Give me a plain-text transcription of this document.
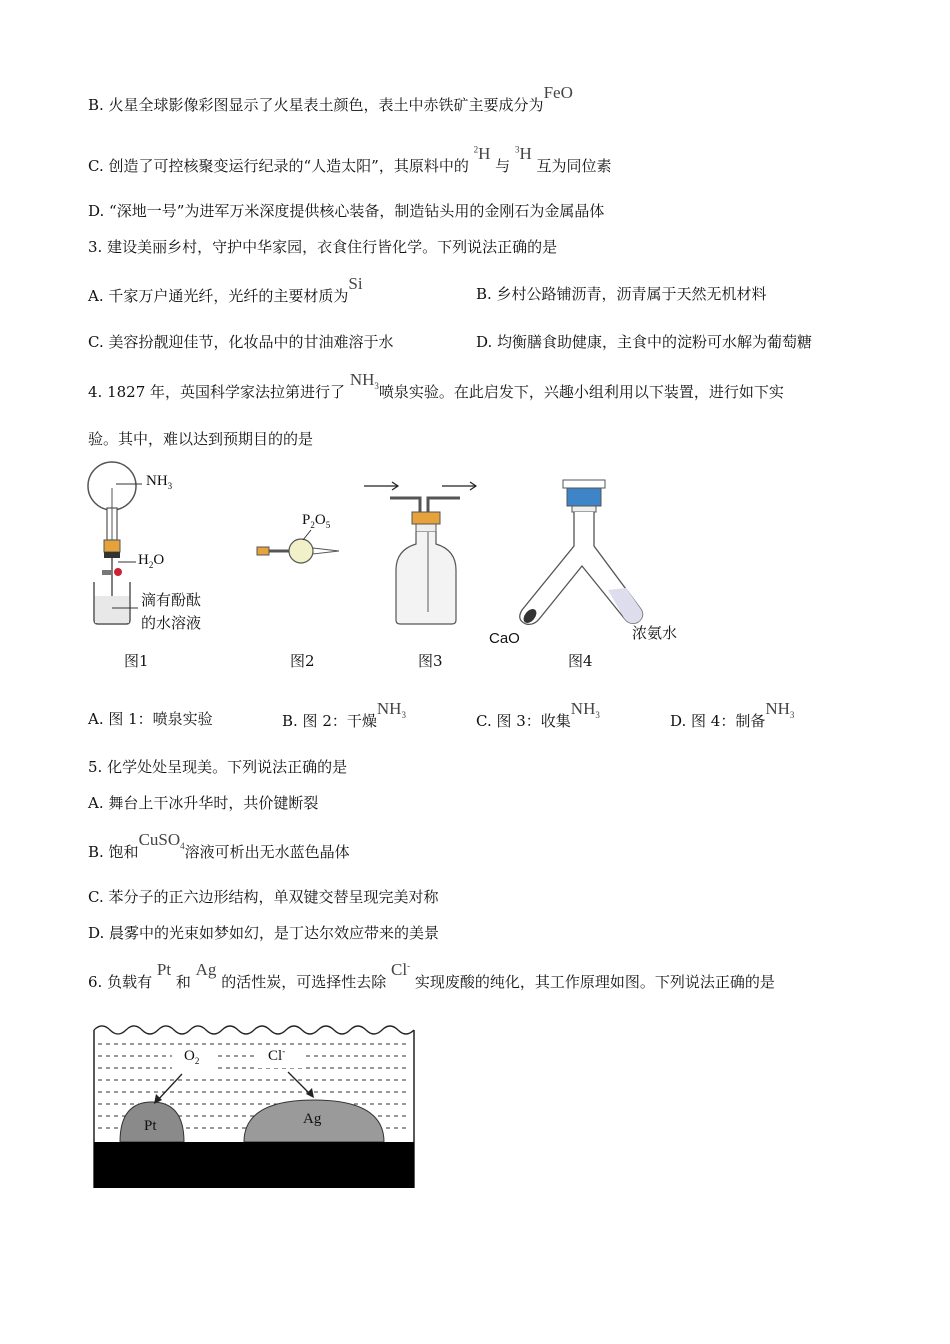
B. 火星全球影像彩图显示了火星表土颜色，表土中赤铁矿主要成分为FeO
C. 创造了可控核聚变运行纪录的“人造太阳”，其原料中的 $^2$H 与 $^3$H 互为同位素
D. “深地一号”为进军万米深度提供核心装备，制造钻头用的金刚石为金属晶体
3. 建设美丽乡村，守护中华家园，衣食住行皆化学。下列说法正确的是
A. 千家万户通光纤，光纤的主要材质为Si
B. 乡村公路铺沥青，沥青属于天然无机材料
C. 美容扮靓迎佳节，化妆品中的甘油难溶于水	D. 均衡膳食助健康，主食中的淀粉可水解为葡萄糖
4. 1827 年，英国科学家法拉第进行了 $NH_3$喷泉实验。在此启发下，兴趣小组利用以下装置，进行如下实
验。其中，难以达到预期目的的是
$NH_3$
$H_2O$
滴有酚酞
的水溶液
图1
$P_2O_5$
图2	图3
CaO	浓氨水
图4
A. 图 1：喷泉实验	B. 图 2：干燥$NH_3$	C. 图 3：收集$NH_3$	D. 图 4：制备$NH_3$
5. 化学处处呈现美。下列说法正确的是
A. 舞台上干冰升华时，共价键断裂
B. 饱和CuSO$_4$溶液可析出无水蓝色晶体
C. 苯分子的正六边形结构，单双键交替呈现完美对称
D. 晨雾中的光束如梦如幻，是丁达尔效应带来的美景
6. 负载有 Pt 和 Ag 的活性炭，可选择性去除 Cl- 实现废酸的纯化，其工作原理如图。下列说法正确的是
$O_2$	Cl-
Pt	Ag
